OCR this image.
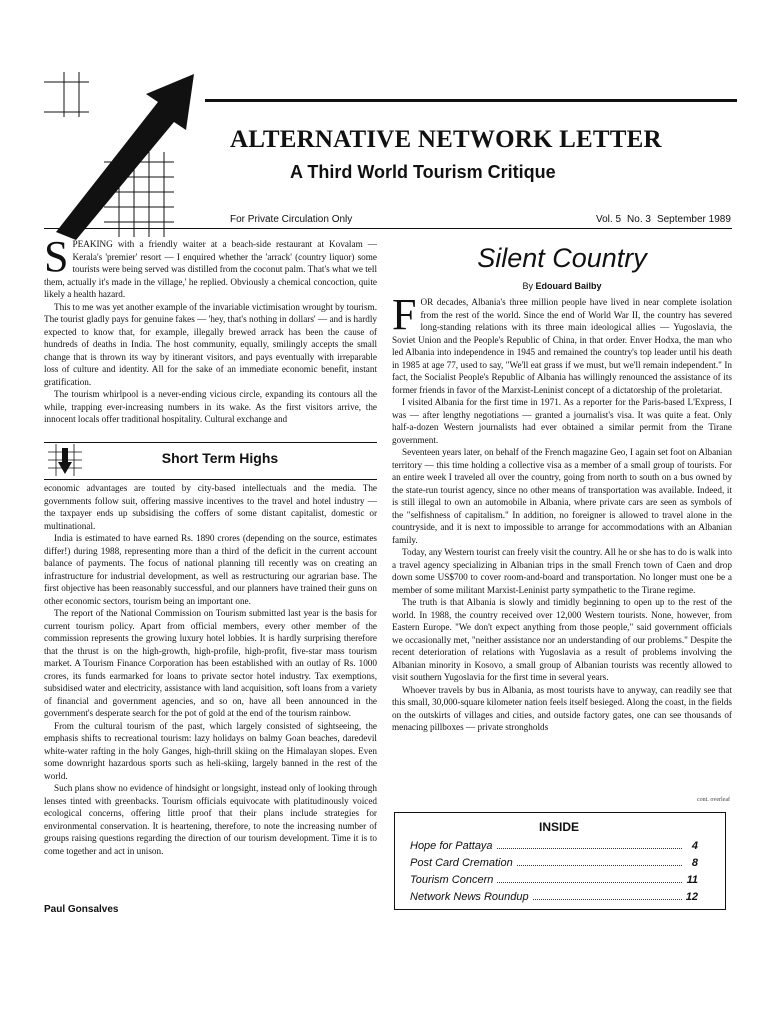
ALTERNATIVE NETWORK LETTER
A Third World Tourism Critique
For Private Circulation Only	Vol. 5 No. 3 September 1989
S PEAKING with a friendly waiter at a beach-side restaurant at Kovalam — Kerala's 'premier' resort — I enquired whether the 'arrack' (country liquor) some tourists were being served was distilled from the coconut palm. That's what we tell them, actually it's made in the village,' he replied. Obviously a chemical concoction, quite likely a health hazard.

This to me was yet another example of the invariable victimisation wrought by tourism. The tourist gladly pays for genuine fakes — 'hey, that's nothing in dollars' — and is hardly expected to know that, for example, illegally brewed arrack has been the cause of hundreds of deaths in India. The host community, equally, smilingly accepts the small change that is thrown its way by itinerant visitors, and pays eventually with irreparable loss of culture and identity. All for the sake of an immediate economic benefit, instant gratification.

The tourism whirlpool is a never-ending vicious circle, expanding its contours all the while, trapping ever-increasing numbers in its wake. As the first visitors arrive, the innocent locals offer traditional hospitality. Cultural exchange and

Short Term Highs

economic advantages are touted by city-based intellectuals and the media. The governments follow suit, offering massive incentives to the travel and hotel industry — the taxpayer ends up subsidising the coffers of some distant capitalist, domestic or multinational.

India is estimated to have earned Rs. 1890 crores (depending on the source, estimates differ!) during 1988, representing more than a third of the deficit in the current account balance of payments. The focus of national planning till recently was on creating an infrastructure for industrial development, as well as restructuring our agrarian base. The first objective has been reasonably successful, and our planners have trained their guns on other economic sectors, tourism being an important one.

The report of the National Commission on Tourism submitted last year is the basis for current tourism policy. Apart from official members, every other member of the commission represents the growing luxury hotel lobbies. It is hardly surprising therefore that the thrust is on the high-growth, high-profile, high-profit, five-star mass tourism market. A Tourism Finance Corporation has been established with an outlay of Rs. 1000 crores, its funds earmarked for loans to private sector hotel industry. Tax exemptions, subsidised water and electricity, assistance with land acquisition, soft loans from a variety of financial and government agencies, and so on, have all been announced in the government's desperate search for the pot of gold at the end of the tourism rainbow.

From the cultural tourism of the past, which largely consisted of sightseeing, the emphasis shifts to recreational tourism: lazy holidays on balmy Goan beaches, daredevil white-water rafting in the holy Ganges, high-thrill skiing on the Himalayan slopes. Even some downright hazardous sports such as heli-skiing, largely banned in the rest of the world.

Such plans show no evidence of hindsight or longsight, instead only of looking through lenses tinted with greenbacks. Tourism officials equivocate with platitudinously voiced ecological concerns, offering little proof that their plans include strategies for environmental conservation. It is heartening, therefore, to note the increasing number of groups raising questions regarding the direction of our tourism development. Time it is to come together and act in unison.

Paul Gonsalves
Silent Country
By Edouard Bailby
F OR decades, Albania's three million people have lived in near complete isolation from the rest of the world. Since the end of World War II, the country has severed long-standing relations with its three main ideological allies — Yugoslavia, the Soviet Union and the People's Republic of China, in that order. Enver Hodxa, the man who led Albania into independence in 1945 and remained the country's top leader until his death in 1985 at age 77, used to say, "We'll eat grass if we must, but we'll remain independent." In fact, the Socialist People's Republic of Albania has willingly renounced the assistance of its former friends in favor of the Marxist-Leninist concept of a dictatorship of the proletariat.

I visited Albania for the first time in 1971. As a reporter for the Paris-based L'Express, I was — after lengthy negotiations — granted a journalist's visa. It was quite a feat. Only half-a-dozen Western journalists had ever obtained a similar permit from the Tirane government.

Seventeen years later, on behalf of the French magazine Geo, I again set foot on Albanian territory — this time holding a collective visa as a member of a small group of tourists. For an entire week I traveled all over the country, going from north to south on a bus owned by the state-run tourist agency, since no other means of transportation was available. Indeed, it is still illegal to own an automobile in Albania, where private cars are seen as symbols of the "selfishness of capitalism." In addition, no foreigner is allowed to travel alone in the countryside, and it is next to impossible to arrange for accommodations with an Albanian family.

Today, any Western tourist can freely visit the country. All he or she has to do is walk into a travel agency specializing in Albanian trips in the small French town of Caen and drop down some US$700 to cover room-and-board and transportation. No longer must one be a member of some militant Marxist-Leninist party sympathetic to the Tirane regime.

The truth is that Albania is slowly and timidly beginning to open up to the rest of the world. In 1988, the country received over 12,000 Western tourists. None, however, from Eastern Europe. "We don't expect anything from those people," said government officials we occasionally met, "neither assistance nor an understanding of our problems." Despite the recent deterioration of relations with Yugoslavia as a result of problems involving the Albanian minority in Kosovo, a small group of Albanian tourists was recently allowed to visit southern Yugoslavia for the first time in several years.

Whoever travels by bus in Albania, as most tourists have to anyway, can readily see that this small, 30,000-square kilometer nation feels itself besieged. Along the coast, in the fields on the outskirts of villages and cities, and outside factory gates, one can see thousands of menacing pillboxes — private strongholds

cont. overleaf
INSIDE
Hope for Pattaya	4
Post Card Cremation	8
Tourism Concern	11
Network News Roundup	12
